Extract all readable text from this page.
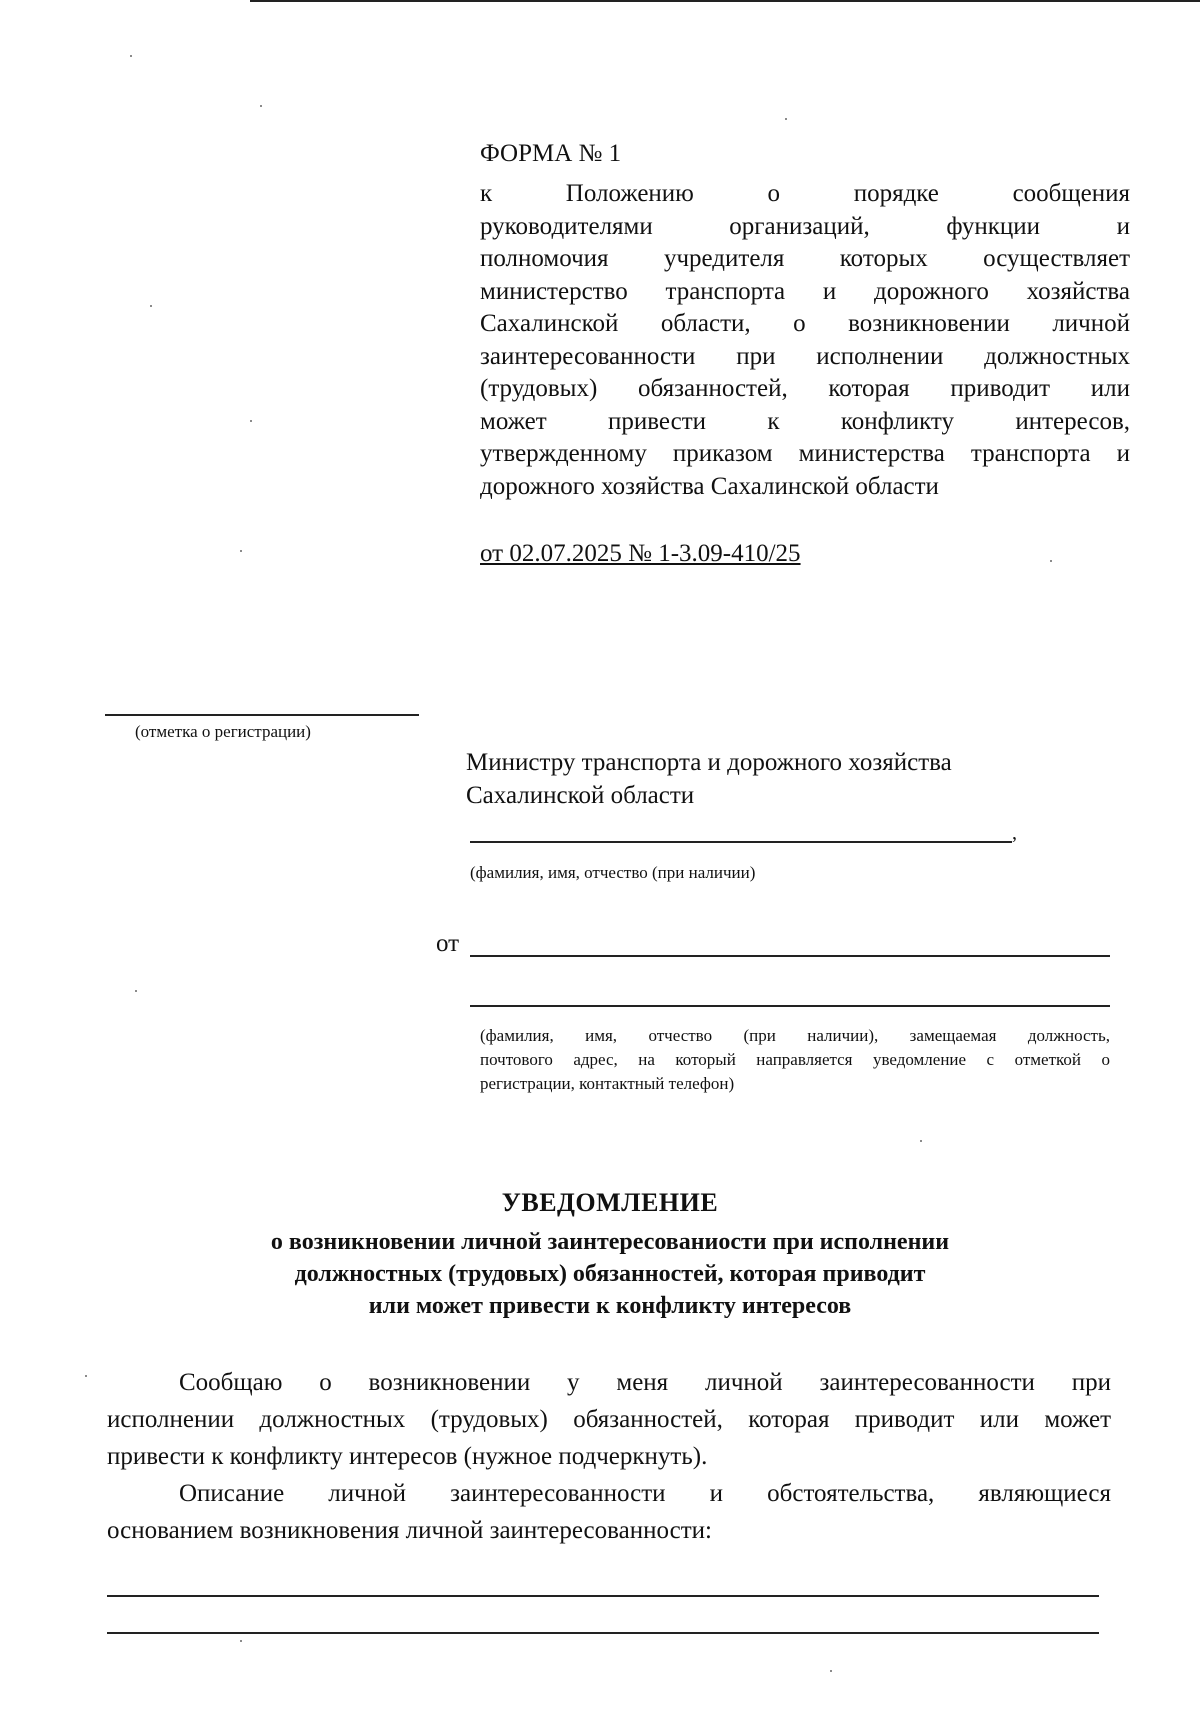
ФОРМА № 1
к Положению о порядке сообщения
руководителями организаций, функции и
полномочия учредителя которых осуществляет
министерство транспорта и дорожного хозяйства
Сахалинской области, о возникновении личной
заинтересованности при исполнении должностных
(трудовых) обязанностей, которая приводит или
может привести к конфликту интересов,
утвержденному приказом министерства транспорта и
дорожного хозяйства Сахалинской области
от 02.07.2025 № 1-3.09-410/25
(отметка о регистрации)
Министру транспорта и дорожного хозяйства
Сахалинской области
,
(фамилия, имя, отчество (при наличии)
от
(фамилия, имя, отчество (при наличии), замещаемая должность,
почтового адрес, на который направляется уведомление с отметкой о
регистрации, контактный телефон)
УВЕДОМЛЕНИЕ
о возникновении личной заинтересованиости при исполнении
должностных (трудовых) обязанностей, которая приводит
или может привести к конфликту интересов
Сообщаю о возникновении у меня личной заинтересованности при
исполнении должностных (трудовых) обязанностей, которая приводит или может
привести к конфликту интересов (нужное подчеркнуть).
Описание личной заинтересованности и обстоятельства, являющиеся
основанием возникновения личной заинтересованности:
